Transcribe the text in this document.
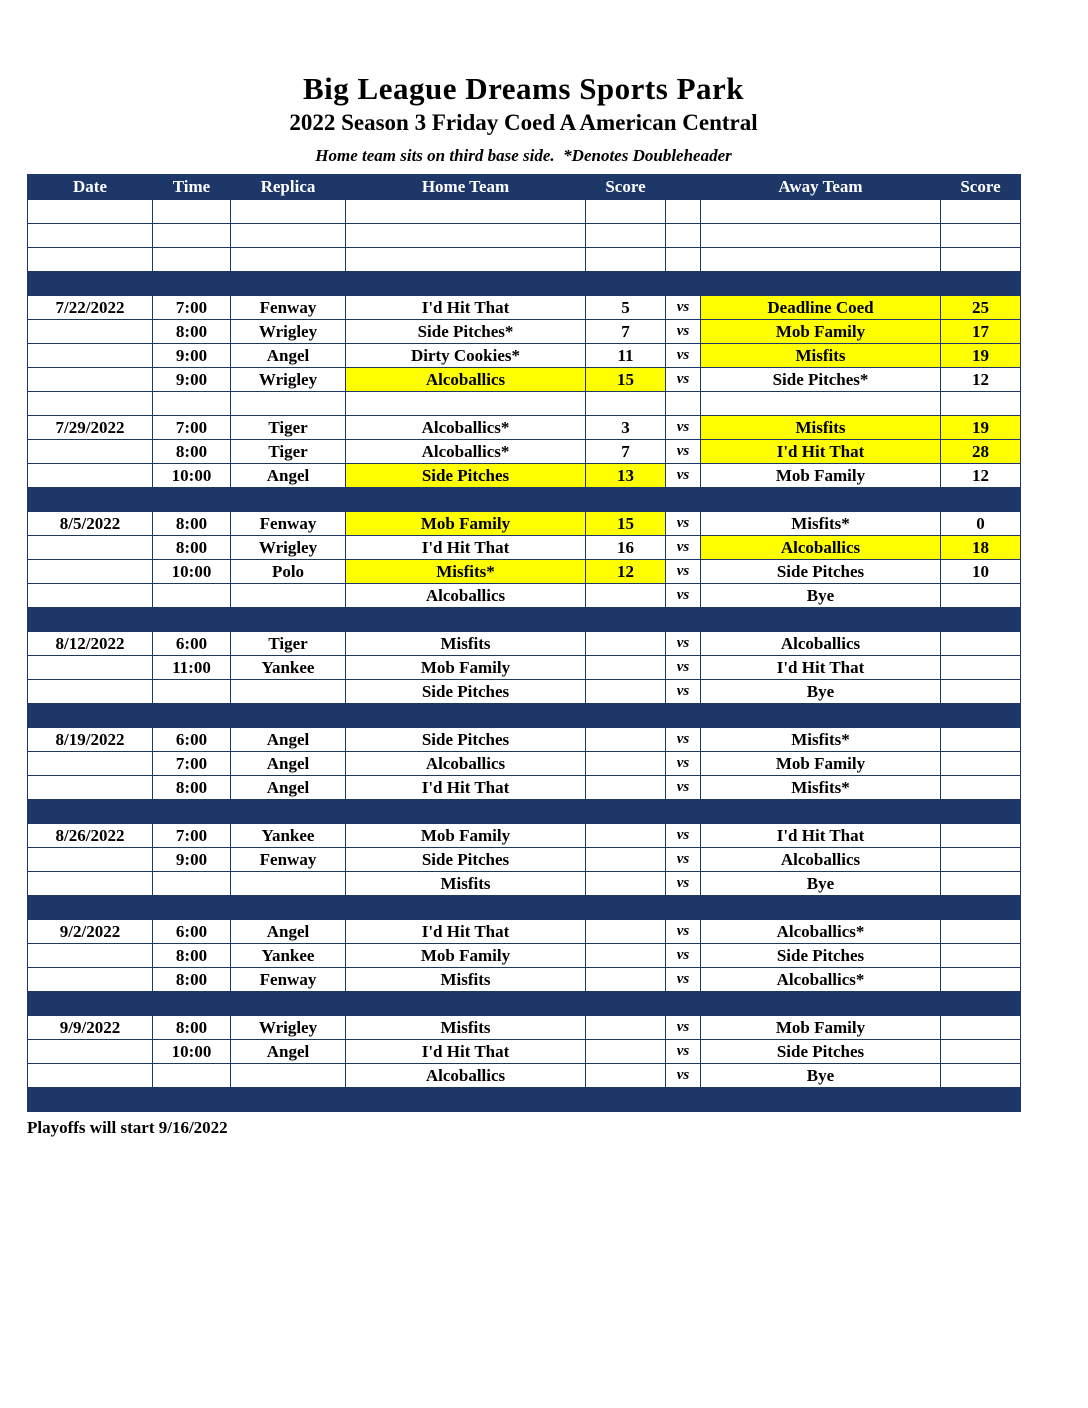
Big League Dreams Sports Park
2022 Season 3 Friday Coed A American Central
Home team sits on third base side.  *Denotes Doubleheader
Date	Time	Replica	Home Team	Score	Away Team	Score
7/22/2022	7:00	Fenway	I'd Hit That	5	vs	Deadline Coed	25
8:00	Wrigley	Side Pitches*	7	vs	Mob Family	17
9:00	Angel	Dirty Cookies*	11	vs	Misfits	19
9:00	Wrigley	Alcoballics	15	vs	Side Pitches*	12
7/29/2022	7:00	Tiger	Alcoballics*	3	vs	Misfits	19
8:00	Tiger	Alcoballics*	7	vs	I'd Hit That	28
10:00	Angel	Side Pitches	13	vs	Mob Family	12
8/5/2022	8:00	Fenway	Mob Family	15	vs	Misfits*	0
8:00	Wrigley	I'd Hit That	16	vs	Alcoballics	18
10:00	Polo	Misfits*	12	vs	Side Pitches	10
Alcoballics	vs	Bye
8/12/2022	6:00	Tiger	Misfits	vs	Alcoballics
11:00	Yankee	Mob Family	vs	I'd Hit That
Side Pitches	vs	Bye
8/19/2022	6:00	Angel	Side Pitches	vs	Misfits*
7:00	Angel	Alcoballics	vs	Mob Family
8:00	Angel	I'd Hit That	vs	Misfits*
8/26/2022	7:00	Yankee	Mob Family	vs	I'd Hit That
9:00	Fenway	Side Pitches	vs	Alcoballics
Misfits	vs	Bye
9/2/2022	6:00	Angel	I'd Hit That	vs	Alcoballics*
8:00	Yankee	Mob Family	vs	Side Pitches
8:00	Fenway	Misfits	vs	Alcoballics*
9/9/2022	8:00	Wrigley	Misfits	vs	Mob Family
10:00	Angel	I'd Hit That	vs	Side Pitches
Alcoballics	vs	Bye
Playoffs will start 9/16/2022
